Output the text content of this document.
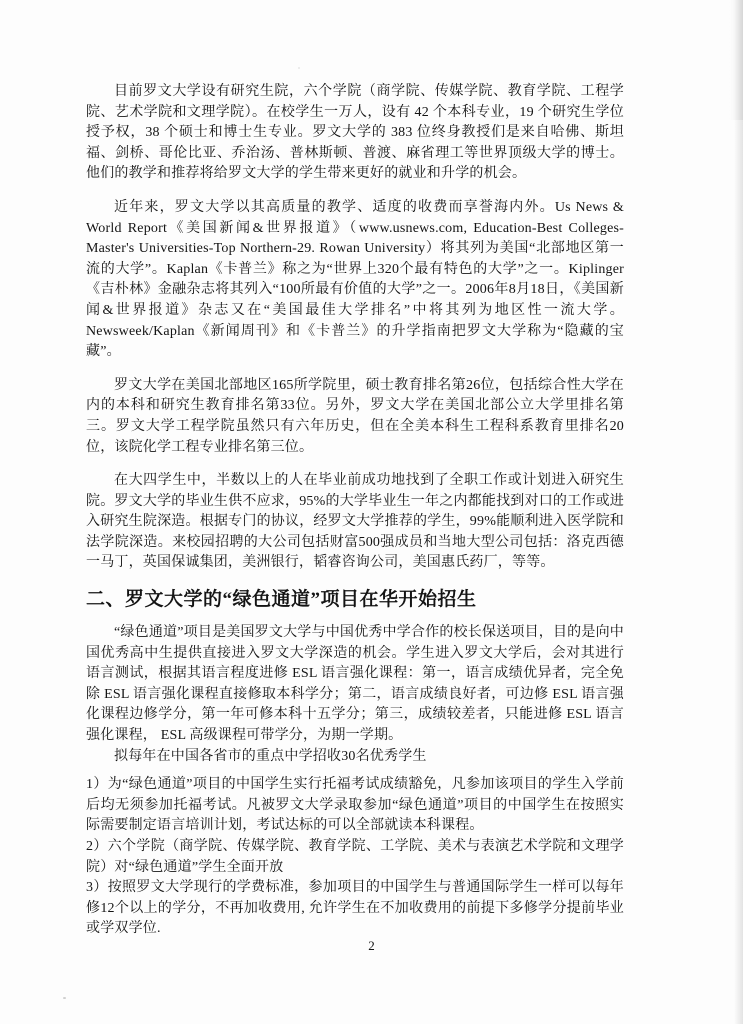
目前罗文大学设有研究生院，六个学院（商学院、传媒学院、教育学院、工程学院、艺术学院和文理学院）。在校学生一万人，设有 42 个本科专业，19 个研究生学位授予权，38 个硕士和博士生专业。罗文大学的 383 位终身教授们是来自哈佛、斯坦福、剑桥、哥伦比亚、乔治汤、普林斯顿、普渡、麻省理工等世界顶级大学的博士。他们的教学和推荐将给罗文大学的学生带来更好的就业和升学的机会。

近年来，罗文大学以其高质量的教学、适度的收费而享誉海内外。Us News & World Report《美国新闻&世界报道》（www.usnews.com, Education-Best Colleges-Master's Universities-Top Northern-29. Rowan University）将其列为美国“北部地区第一流的大学”。Kaplan《卡普兰》称之为“世界上320个最有特色的大学”之一。Kiplinger《吉朴林》金融杂志将其列入“100所最有价值的大学”之一。2006年8月18日，《美国新闻&世界报道》杂志又在“美国最佳大学排名”中将其列为地区性一流大学。Newsweek/Kaplan《新闻周刊》和《卡普兰》的升学指南把罗文大学称为“隐藏的宝藏”。

罗文大学在美国北部地区165所学院里，硕士教育排名第26位，包括综合性大学在内的本科和研究生教育排名第33位。另外，罗文大学在美国北部公立大学里排名第三。罗文大学工程学院虽然只有六年历史，但在全美本科生工程科系教育里排名20位，该院化学工程专业排名第三位。

在大四学生中，半数以上的人在毕业前成功地找到了全职工作或计划进入研究生院。罗文大学的毕业生供不应求，95%的大学毕业生一年之内都能找到对口的工作或进入研究生院深造。根据专门的协议，经罗文大学推荐的学生，99%能顺利进入医学院和法学院深造。来校园招聘的大公司包括财富500强成员和当地大型公司包括：洛克西德一马丁，英国保诚集团，美洲银行，韬睿咨询公司，美国惠氏药厂，等等。

二、罗文大学的“绿色通道”项目在华开始招生

“绿色通道”项目是美国罗文大学与中国优秀中学合作的校长保送项目，目的是向中国优秀高中生提供直接进入罗文大学深造的机会。学生进入罗文大学后，会对其进行语言测试，根据其语言程度进修 ESL 语言强化课程：第一，语言成绩优异者，完全免除 ESL 语言强化课程直接修取本科学分；第二，语言成绩良好者，可边修 ESL 语言强化课程边修学分，第一年可修本科十五学分；第三，成绩较差者，只能进修 ESL 语言强化课程， ESL 高级课程可带学分，为期一学期。

拟每年在中国各省市的重点中学招收30名优秀学生

1）为“绿色通道”项目的中国学生实行托福考试成绩豁免，凡参加该项目的学生入学前后均无须参加托福考试。凡被罗文大学录取参加“绿色通道”项目的中国学生在按照实际需要制定语言培训计划，考试达标的可以全部就读本科课程。

2）六个学院（商学院、传媒学院、教育学院、工学院、美术与表演艺术学院和文理学院）对“绿色通道”学生全面开放

3）按照罗文大学现行的学费标准，参加项目的中国学生与普通国际学生一样可以每年修12个以上的学分，不再加收费用, 允许学生在不加收费用的前提下多修学分提前毕业或学双学位.

2
